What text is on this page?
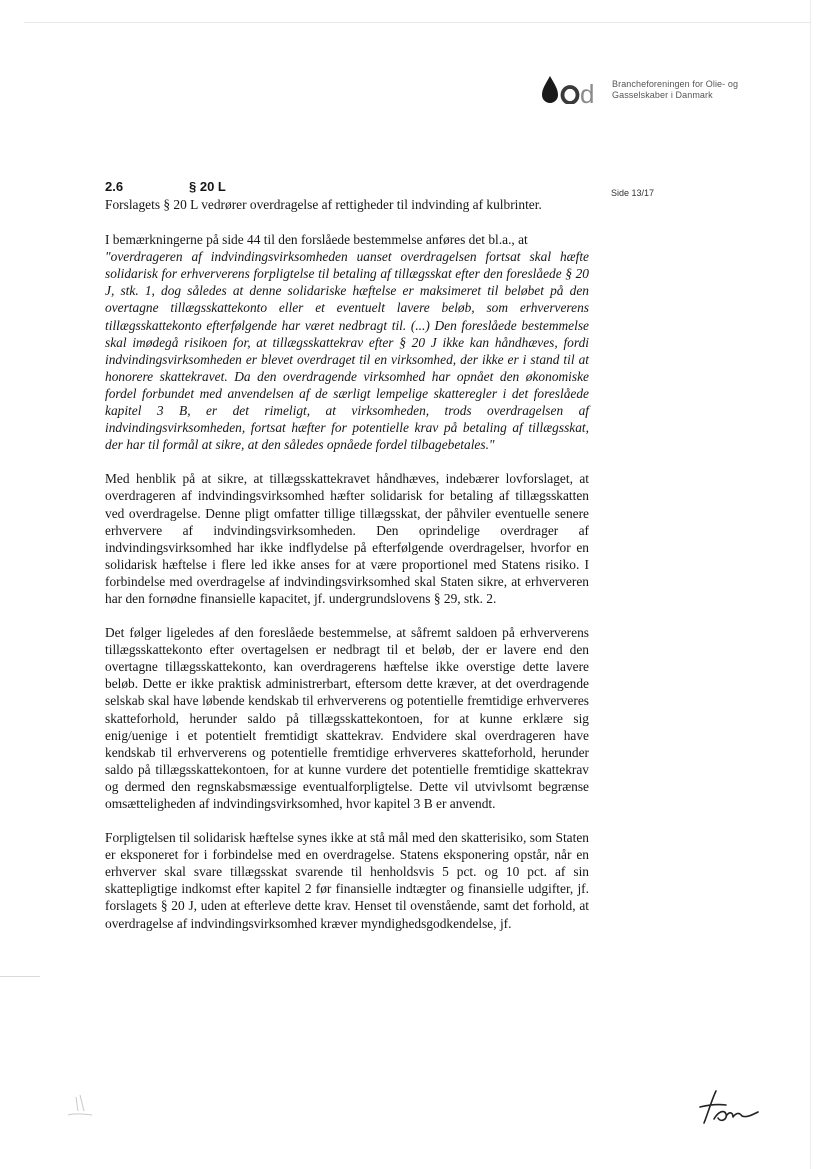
d Brancheforeningen for Olie- og
Gasselskaber i Danmark
Side 13/17
2.6	§ 20 L

Forslagets § 20 L vedrører overdragelse af rettigheder til indvinding af kulbrinter.

I bemærkningerne på side 44 til den forslåede bestemmelse anføres det bl.a., at

"overdrageren af indvindingsvirksomheden uanset overdragelsen fortsat skal hæfte solidarisk for erhververens forpligtelse til betaling af tillægsskat efter den foreslåede § 20 J, stk. 1, dog således at denne solidariske hæftelse er maksimeret til beløbet på den overtagne tillægsskattekonto eller et eventuelt lavere beløb, som erhververens tillægsskattekonto efterfølgende har været nedbragt til. (...) Den foreslåede bestemmelse skal imødegå risikoen for, at tillægsskattekrav efter § 20 J ikke kan håndhæves, fordi indvindingsvirksomheden er blevet overdraget til en virksomhed, der ikke er i stand til at honorere skattekravet. Da den overdragende virksomhed har opnået den økonomiske fordel forbundet med anvendelsen af de særligt lempelige skatteregler i det foreslåede kapitel 3 B, er det rimeligt, at virksomheden, trods overdragelsen af indvindingsvirksomheden, fortsat hæfter for potentielle krav på betaling af tillægsskat, der har til formål at sikre, at den således opnåede fordel tilbagebetales."

Med henblik på at sikre, at tillægsskattekravet håndhæves, indebærer lovforslaget, at overdrageren af indvindingsvirksomhed hæfter solidarisk for betaling af tillægsskatten ved overdragelse. Denne pligt omfatter tillige tillægsskat, der påhviler eventuelle senere erhververe af indvindingsvirksomheden. Den oprindelige overdrager af indvindingsvirksomhed har ikke indflydelse på efterfølgende overdragelser, hvorfor en solidarisk hæftelse i flere led ikke anses for at være proportionel med Statens risiko. I forbindelse med overdragelse af indvindingsvirksomhed skal Staten sikre, at erhververen har den fornødne finansielle kapacitet, jf. undergrundslovens § 29, stk. 2.

Det følger ligeledes af den foreslåede bestemmelse, at såfremt saldoen på erhververens tillægsskattekonto efter overtagelsen er nedbragt til et beløb, der er lavere end den overtagne tillægsskattekonto, kan overdragerens hæftelse ikke overstige dette lavere beløb. Dette er ikke praktisk administrerbart, eftersom dette kræver, at det overdragende selskab skal have løbende kendskab til erhververens og potentielle fremtidige erhververes skatteforhold, herunder saldo på tillægsskattekontoen, for at kunne erklære sig enig/uenige i et potentielt fremtidigt skattekrav. Endvidere skal overdrageren have kendskab til erhververens og potentielle fremtidige erhververes skatteforhold, herunder saldo på tillægsskattekontoen, for at kunne vurdere det potentielle fremtidige skattekrav og dermed den regnskabsmæssige eventualforpligtelse. Dette vil utvivlsomt begrænse omsætteligheden af indvindingsvirksomhed, hvor kapitel 3 B er anvendt.

Forpligtelsen til solidarisk hæftelse synes ikke at stå mål med den skatterisiko, som Staten er eksponeret for i forbindelse med en overdragelse. Statens eksponering opstår, når en erhverver skal svare tillægsskat svarende til henholdsvis 5 pct. og 10 pct. af sin skattepligtige indkomst efter kapitel 2 før finansielle indtægter og finansielle udgifter, jf. forslagets § 20 J, uden at efterleve dette krav. Henset til ovenstående, samt det forhold, at overdragelse af indvindingsvirksomhed kræver myndighedsgodkendelse, jf.
